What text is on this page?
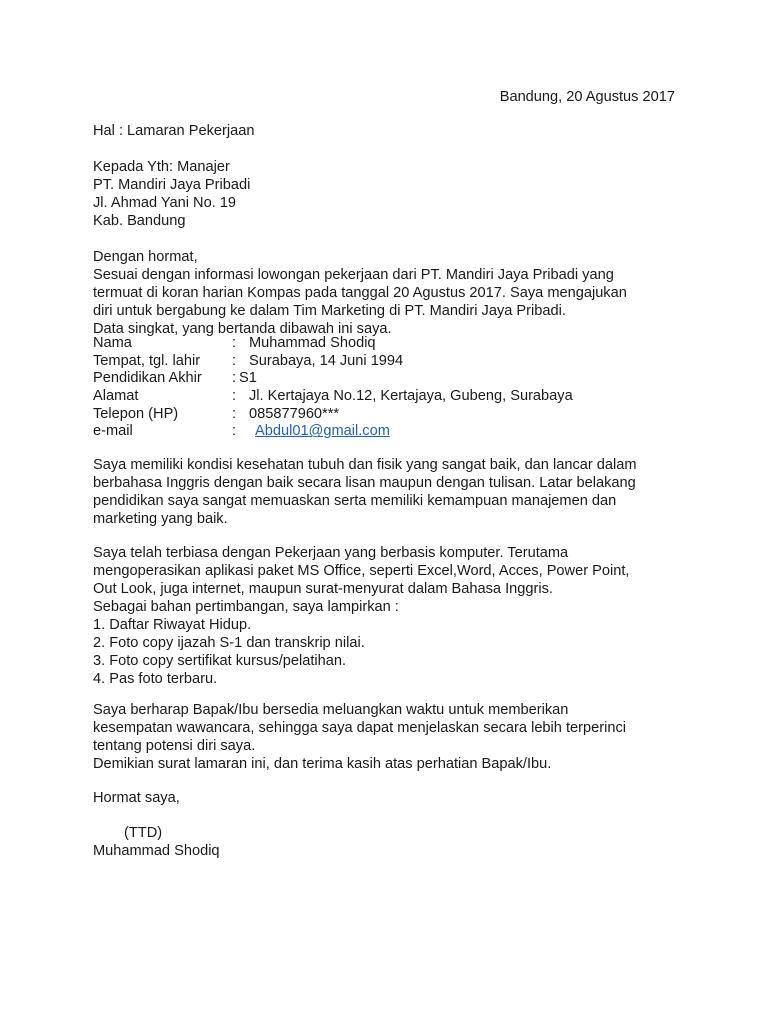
Bandung, 20 Agustus 2017
Hal : Lamaran Pekerjaan
Kepada Yth: Manajer
PT. Mandiri Jaya Pribadi
Jl. Ahmad Yani No. 19
Kab. Bandung
Dengan hormat,
Sesuai dengan informasi lowongan pekerjaan dari PT. Mandiri Jaya Pribadi yang
termuat di koran harian Kompas pada tanggal 20 Agustus 2017. Saya mengajukan
diri untuk bergabung ke dalam Tim Marketing di PT. Mandiri Jaya Pribadi.
Data singkat, yang bertanda dibawah ini saya.
Nama	: Muhammad Shodiq
Tempat, tgl. lahir : Surabaya, 14 Juni 1994
Pendidikan Akhir : S1
Alamat	: Jl. Kertajaya No.12, Kertajaya, Gubeng, Surabaya
Telepon (HP)	: 085877960***
e-mail	: Abdul01@gmail.com
Saya memiliki kondisi kesehatan tubuh dan fisik yang sangat baik, dan lancar dalam
berbahasa Inggris dengan baik secara lisan maupun dengan tulisan. Latar belakang
pendidikan saya sangat memuaskan serta memiliki kemampuan manajemen dan
marketing yang baik.
Saya telah terbiasa dengan Pekerjaan yang berbasis komputer. Terutama
mengoperasikan aplikasi paket MS Office, seperti Excel,Word, Acces, Power Point,
Out Look, juga internet, maupun surat-menyurat dalam Bahasa Inggris.
Sebagai bahan pertimbangan, saya lampirkan :
1. Daftar Riwayat Hidup.
2. Foto copy ijazah S-1 dan transkrip nilai.
3. Foto copy sertifikat kursus/pelatihan.
4. Pas foto terbaru.
Saya berharap Bapak/Ibu bersedia meluangkan waktu untuk memberikan
kesempatan wawancara, sehingga saya dapat menjelaskan secara lebih terperinci
tentang potensi diri saya.
Demikian surat lamaran ini, dan terima kasih atas perhatian Bapak/Ibu.
Hormat saya,
(TTD)
Muhammad Shodiq
